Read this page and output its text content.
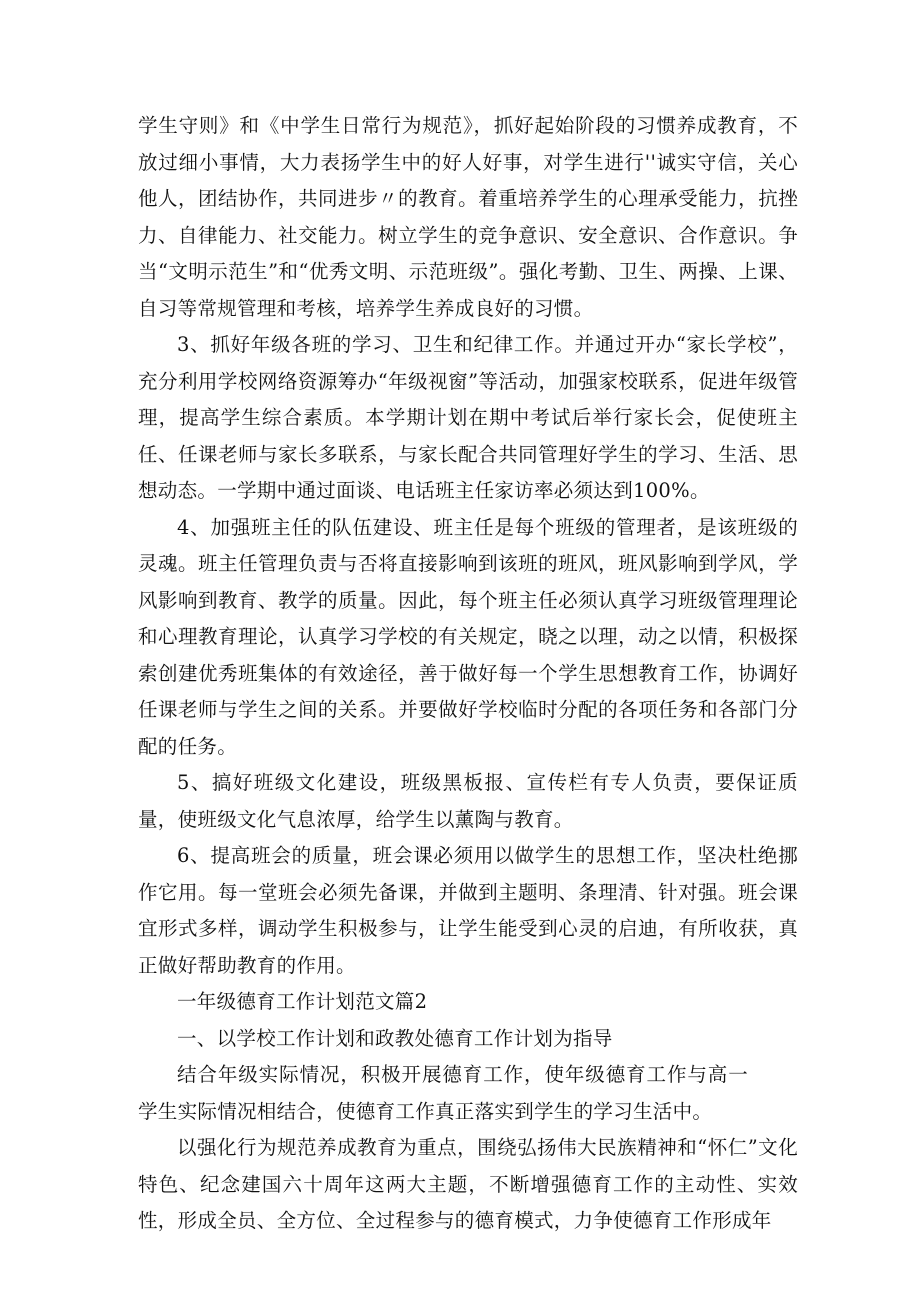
学生守则》和《中学生日常行为规范》，抓好起始阶段的习惯养成教育，不放过细小事情，大力表扬学生中的好人好事，对学生进行''诚实守信，关心他人，团结协作，共同进步〃的教育。着重培养学生的心理承受能力，抗挫力、自律能力、社交能力。树立学生的竞争意识、安全意识、合作意识。争当“文明示范生”和“优秀文明、示范班级”。强化考勤、卫生、两操、上课、自习等常规管理和考核，培养学生养成良好的习惯。

3、抓好年级各班的学习、卫生和纪律工作。并通过开办“家长学校”，充分利用学校网络资源筹办“年级视窗”等活动，加强家校联系，促进年级管理，提高学生综合素质。本学期计划在期中考试后举行家长会，促使班主任、任课老师与家长多联系，与家长配合共同管理好学生的学习、生活、思想动态。一学期中通过面谈、电话班主任家访率必须达到100%。

4、加强班主任的队伍建设、班主任是每个班级的管理者，是该班级的灵魂。班主任管理负责与否将直接影响到该班的班风，班风影响到学风，学风影响到教育、教学的质量。因此，每个班主任必须认真学习班级管理理论和心理教育理论，认真学习学校的有关规定，晓之以理，动之以情，积极探索创建优秀班集体的有效途径，善于做好每一个学生思想教育工作，协调好任课老师与学生之间的关系。并要做好学校临时分配的各项任务和各部门分配的任务。

5、搞好班级文化建设，班级黑板报、宣传栏有专人负责，要保证质量，使班级文化气息浓厚，给学生以薰陶与教育。

6、提高班会的质量，班会课必须用以做学生的思想工作，坚决杜绝挪作它用。每一堂班会必须先备课，并做到主题明、条理清、针对强。班会课宜形式多样，调动学生积极参与，让学生能受到心灵的启迪，有所收获，真正做好帮助教育的作用。

一年级德育工作计划范文篇2

一、以学校工作计划和政教处德育工作计划为指导

结合年级实际情况，积极开展德育工作，使年级德育工作与高一学生实际情况相结合，使德育工作真正落实到学生的学习生活中。

以强化行为规范养成教育为重点，围绕弘扬伟大民族精神和“怀仁”文化特色、纪念建国六十周年这两大主题，不断增强德育工作的主动性、实效性，形成全员、全方位、全过程参与的德育模式，力争使德育工作形成年
